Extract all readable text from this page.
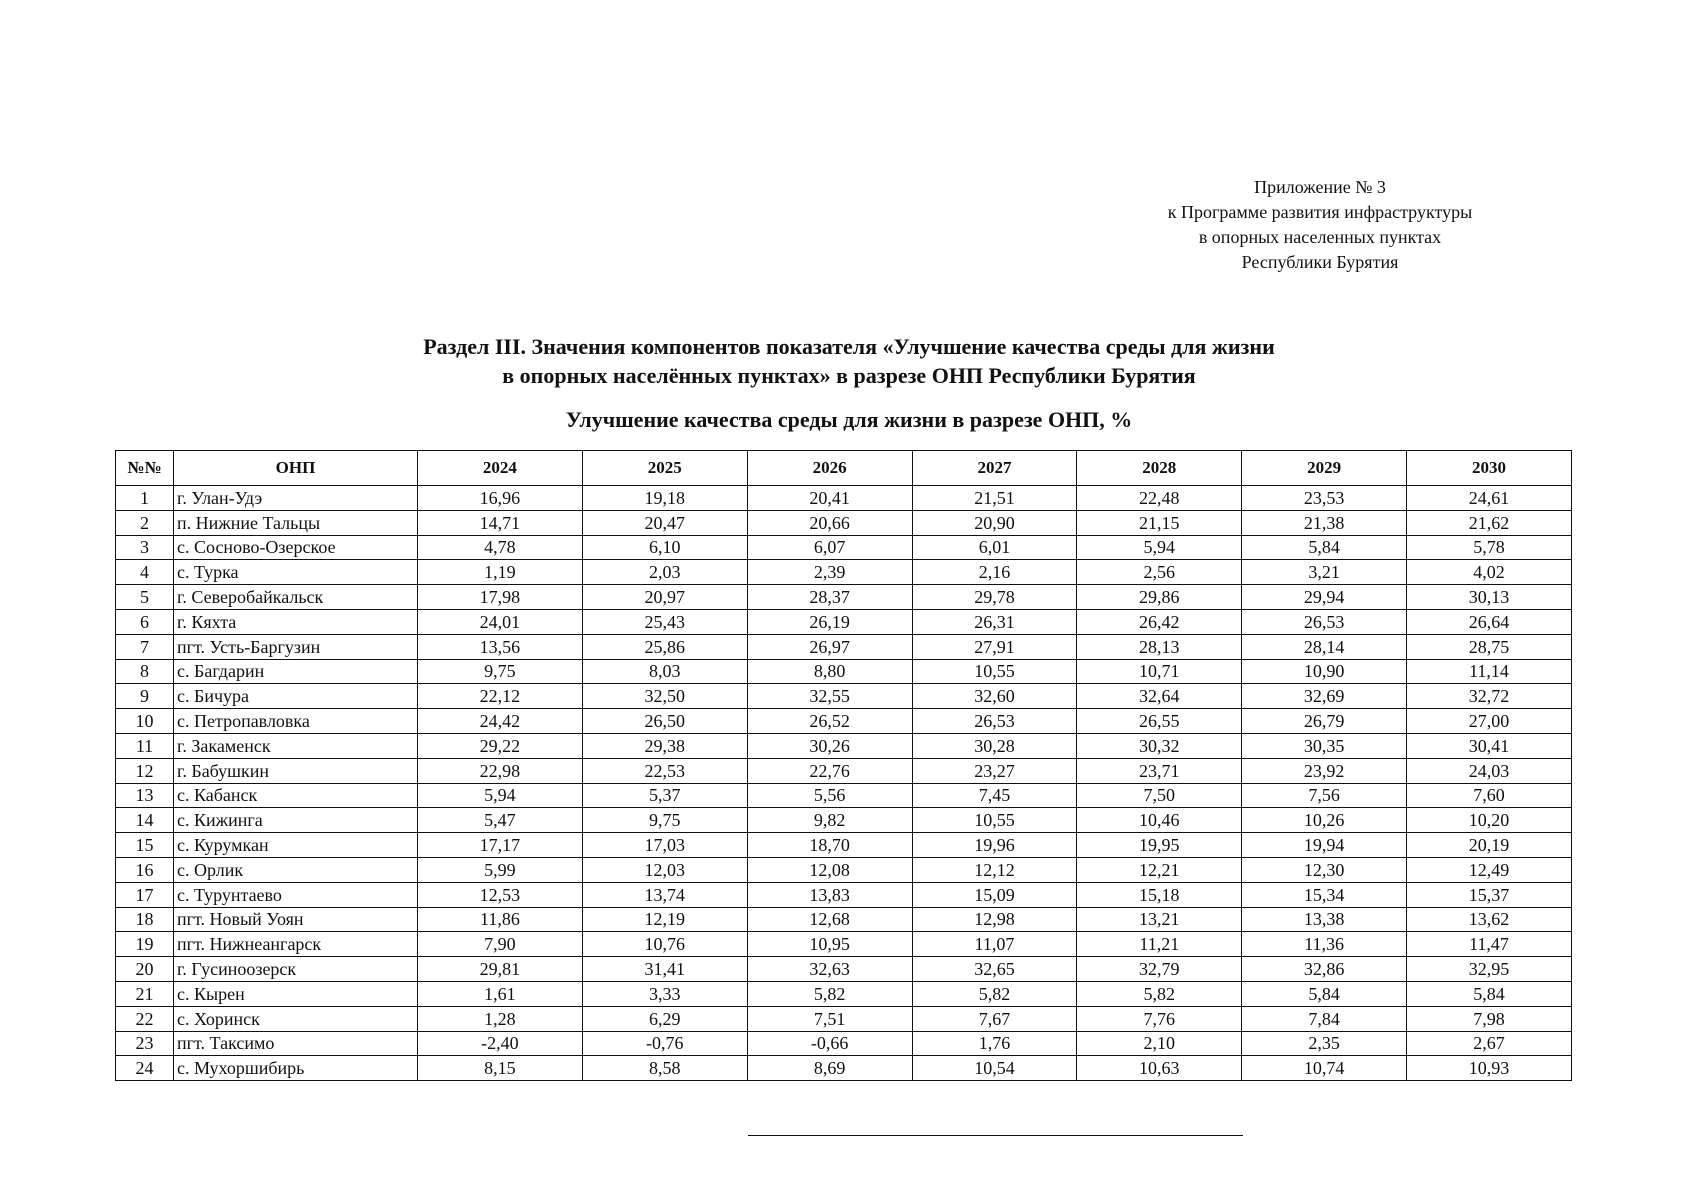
Приложение № 3
к Программе развития инфраструктуры
в опорных населенных пунктах
Республики Бурятия
Раздел III. Значения компонентов показателя «Улучшение качества среды для жизни
в опорных населённых пунктах» в разрезе ОНП Республики Бурятия
Улучшение качества среды для жизни в разрезе ОНП, %
№№	ОНП	2024	2025	2026	2027	2028	2029	2030
1	г. Улан-Удэ	16,96	19,18	20,41	21,51	22,48	23,53	24,61
2	п. Нижние Тальцы	14,71	20,47	20,66	20,90	21,15	21,38	21,62
3	с. Сосново-Озерское	4,78	6,10	6,07	6,01	5,94	5,84	5,78
4	с. Турка	1,19	2,03	2,39	2,16	2,56	3,21	4,02
5	г. Северобайкальск	17,98	20,97	28,37	29,78	29,86	29,94	30,13
6	г. Кяхта	24,01	25,43	26,19	26,31	26,42	26,53	26,64
7	пгт. Усть-Баргузин	13,56	25,86	26,97	27,91	28,13	28,14	28,75
8	с. Багдарин	9,75	8,03	8,80	10,55	10,71	10,90	11,14
9	с. Бичура	22,12	32,50	32,55	32,60	32,64	32,69	32,72
10	с. Петропавловка	24,42	26,50	26,52	26,53	26,55	26,79	27,00
11	г. Закаменск	29,22	29,38	30,26	30,28	30,32	30,35	30,41
12	г. Бабушкин	22,98	22,53	22,76	23,27	23,71	23,92	24,03
13	с. Кабанск	5,94	5,37	5,56	7,45	7,50	7,56	7,60
14	с. Кижинга	5,47	9,75	9,82	10,55	10,46	10,26	10,20
15	с. Курумкан	17,17	17,03	18,70	19,96	19,95	19,94	20,19
16	с. Орлик	5,99	12,03	12,08	12,12	12,21	12,30	12,49
17	с. Турунтаево	12,53	13,74	13,83	15,09	15,18	15,34	15,37
18	пгт. Новый Уоян	11,86	12,19	12,68	12,98	13,21	13,38	13,62
19	пгт. Нижнеангарск	7,90	10,76	10,95	11,07	11,21	11,36	11,47
20	г. Гусиноозерск	29,81	31,41	32,63	32,65	32,79	32,86	32,95
21	с. Кырен	1,61	3,33	5,82	5,82	5,82	5,84	5,84
22	с. Хоринск	1,28	6,29	7,51	7,67	7,76	7,84	7,98
23	пгт. Таксимо	-2,40	-0,76	-0,66	1,76	2,10	2,35	2,67
24	с. Мухоршибирь	8,15	8,58	8,69	10,54	10,63	10,74	10,93
